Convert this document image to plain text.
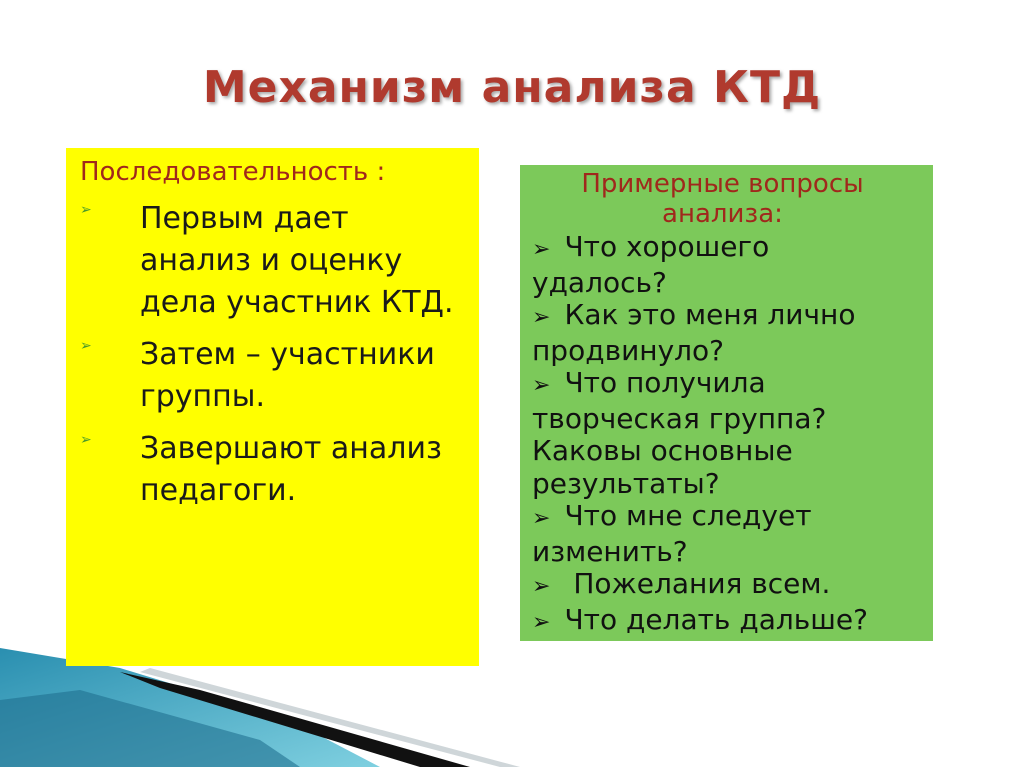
Механизм анализа КТД
Последовательность :
➢ Первым дает анализ и оценку дела участник КТД.
➢ Затем – участники группы.
➢ Завершают анализ педагоги.
Примерные вопросы анализа:
➢ Что хорошего
удалось?
➢ Как это меня лично
продвинуло?
➢ Что получила
творческая группа?
Каковы основные
результаты?
➢ Что мне следует
изменить?
➢ Пожелания всем.
➢ Что делать дальше?
